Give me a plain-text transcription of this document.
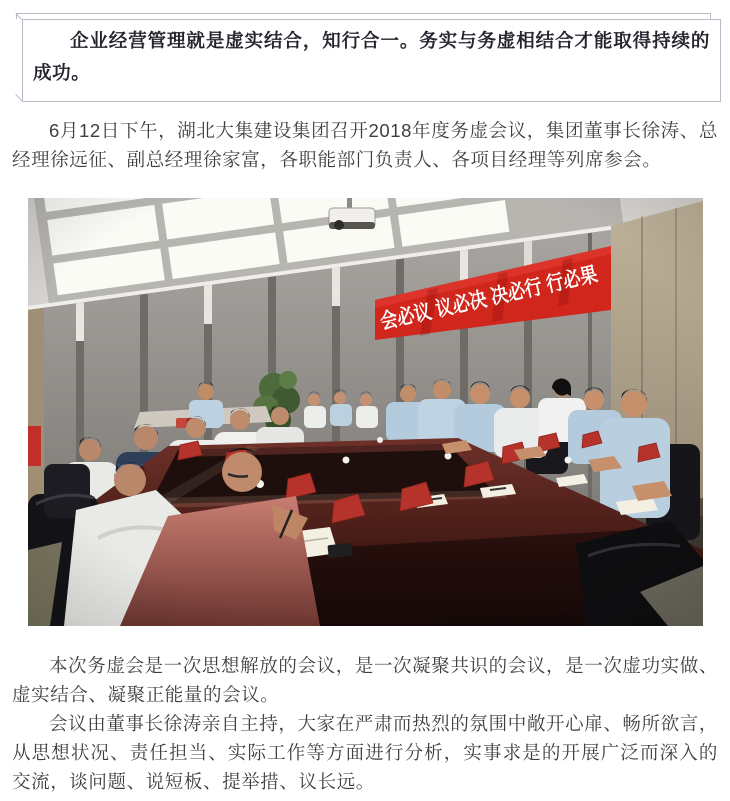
企业经营管理就是虚实结合，知行合一。务实与务虚相结合才能取得持续的成功。

6月12日下午，湖北大集建设集团召开2018年度务虚会议，集团董事长徐涛、总经理徐远征、副总经理徐家富，各职能部门负责人、各项目经理等列席参会。

本次务虚会是一次思想解放的会议，是一次凝聚共识的会议，是一次虚功实做、虚实结合、凝聚正能量的会议。

会议由董事长徐涛亲自主持，大家在严肃而热烈的氛围中敞开心扉、畅所欲言，从思想状况、责任担当、实际工作等方面进行分析，实事求是的开展广泛而深入的交流，谈问题、说短板、提举措、议长远。
